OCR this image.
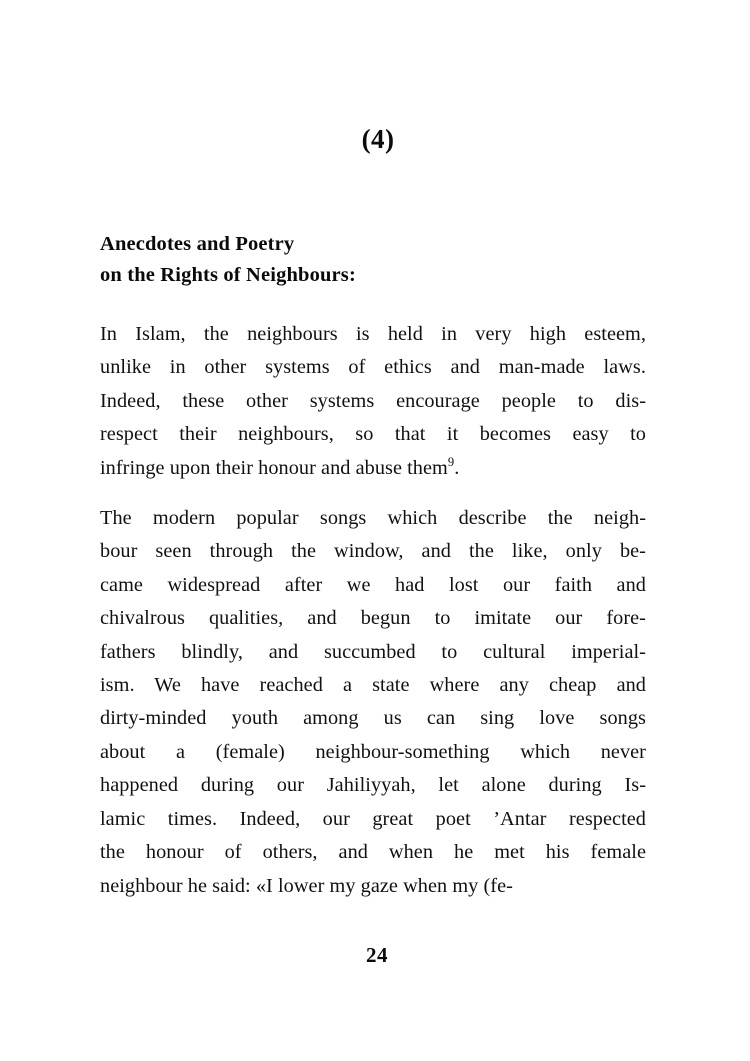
(4)
Anecdotes and Poetry
on the Rights of Neighbours:

In Islam, the neighbours is held in very high esteem,
unlike in other systems of ethics and man-made laws.
Indeed, these other systems encourage people to dis-
respect their neighbours, so that it becomes easy to
infringe upon their honour and abuse them$^9$.

The modern popular songs which describe the neigh-
bour seen through the window, and the like, only be-
came widespread after we had lost our faith and
chivalrous qualities, and begun to imitate our fore-
fathers blindly, and succumbed to cultural imperial-
ism. We have reached a state where any cheap and
dirty-minded youth among us can sing love songs
about a (female) neighbour-something which never
happened during our Jahiliyyah, let alone during Is-
lamic times. Indeed, our great poet ’Antar respected
the honour of others, and when he met his female
neighbour he said: «I lower my gaze when my (fe-

24
